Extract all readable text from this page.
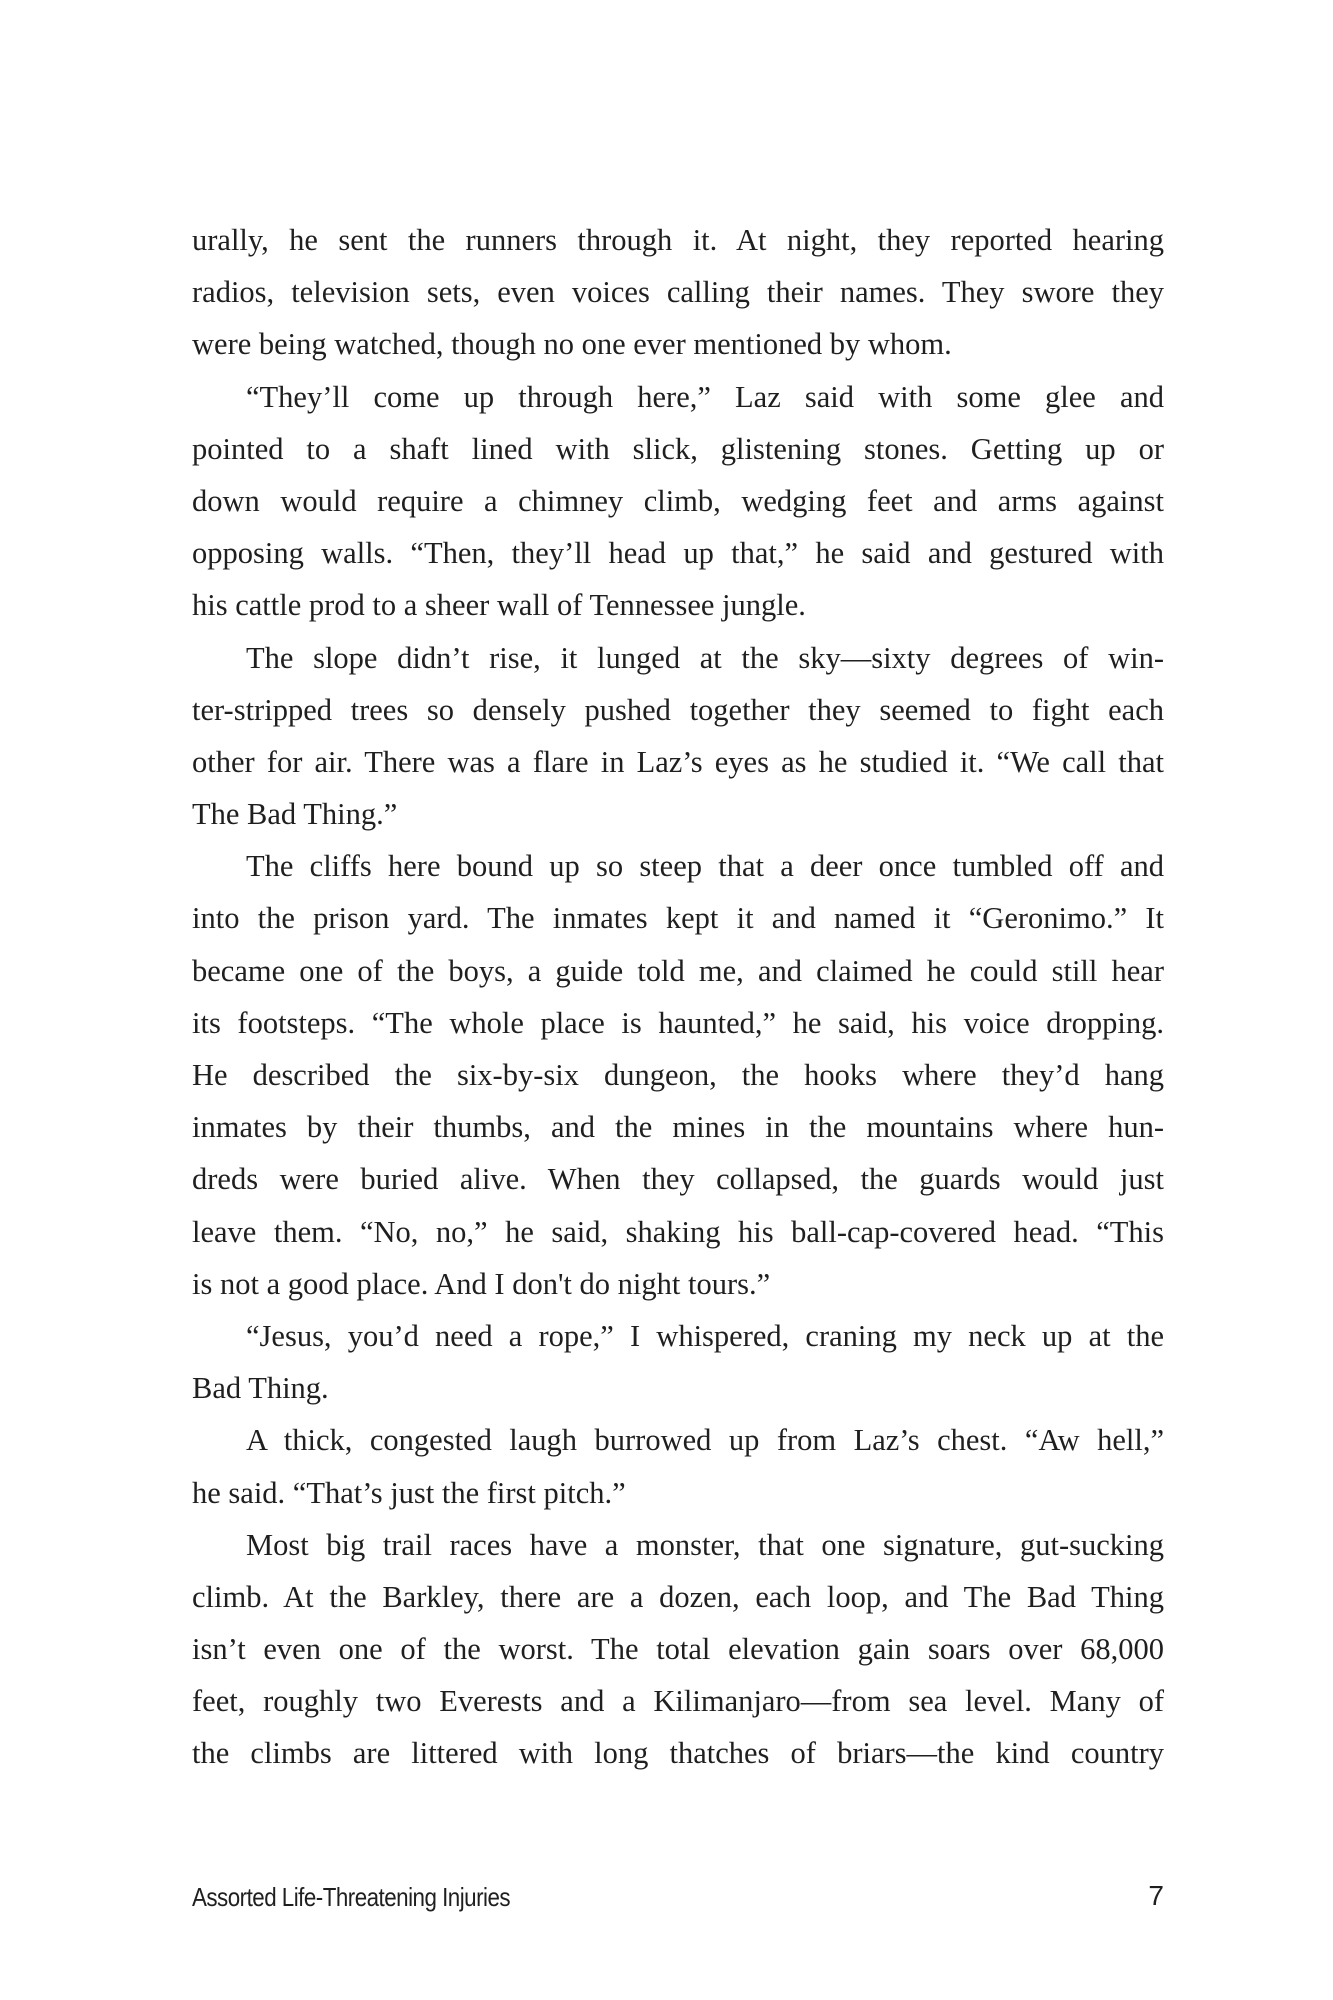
urally, he sent the runners through it. At night, they reported hearing
radios, television sets, even voices calling their names. They swore they
were being watched, though no one ever mentioned by whom.
“They’ll come up through here,” Laz said with some glee and
pointed to a shaft lined with slick, glistening stones. Getting up or
down would require a chimney climb, wedging feet and arms against
opposing walls. “Then, they’ll head up that,” he said and gestured with
his cattle prod to a sheer wall of Tennessee jungle.
The slope didn’t rise, it lunged at the sky—sixty degrees of win-
ter-stripped trees so densely pushed together they seemed to fight each
other for air. There was a flare in Laz’s eyes as he studied it. “We call that
The Bad Thing.”
The cliffs here bound up so steep that a deer once tumbled off and
into the prison yard. The inmates kept it and named it “Geronimo.” It
became one of the boys, a guide told me, and claimed he could still hear
its footsteps. “The whole place is haunted,” he said, his voice dropping.
He described the six-by-six dungeon, the hooks where they’d hang
inmates by their thumbs, and the mines in the mountains where hun-
dreds were buried alive. When they collapsed, the guards would just
leave them. “No, no,” he said, shaking his ball-cap-covered head. “This
is not a good place. And I don't do night tours.”
“Jesus, you’d need a rope,” I whispered, craning my neck up at the
Bad Thing.
A thick, congested laugh burrowed up from Laz’s chest. “Aw hell,”
he said. “That’s just the first pitch.”
Most big trail races have a monster, that one signature, gut-sucking
climb. At the Barkley, there are a dozen, each loop, and The Bad Thing
isn’t even one of the worst. The total elevation gain soars over 68,000
feet, roughly two Everests and a Kilimanjaro—from sea level. Many of
the climbs are littered with long thatches of briars—the kind country
Assorted Life-Threatening Injuries	7
